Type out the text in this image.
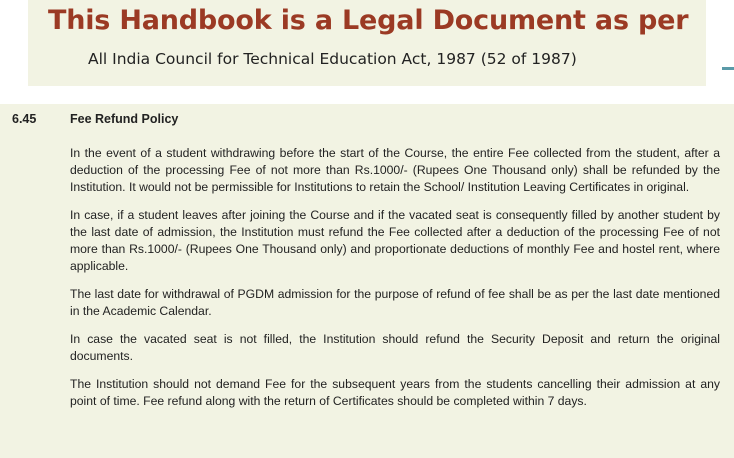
This Handbook is a Legal Document as per
All India Council for Technical Education Act, 1987 (52 of 1987)
6.45	Fee Refund Policy

In the event of a student withdrawing before the start of the Course, the entire Fee collected from the student, after a deduction of the processing Fee of not more than Rs.1000/- (Rupees One Thousand only) shall be refunded by the Institution. It would not be permissible for Institutions to retain the School/ Institution Leaving Certificates in original.

In case, if a student leaves after joining the Course and if the vacated seat is consequently filled by another student by the last date of admission, the Institution must refund the Fee collected after a deduction of the processing Fee of not more than Rs.1000/- (Rupees One Thousand only) and proportionate deductions of monthly Fee and hostel rent, where applicable.

The last date for withdrawal of PGDM admission for the purpose of refund of fee shall be as per the last date mentioned in the Academic Calendar.

In case the vacated seat is not filled, the Institution should refund the Security Deposit and return the original documents.

The Institution should not demand Fee for the subsequent years from the students cancelling their admission at any point of time. Fee refund along with the return of Certificates should be completed within 7 days.
